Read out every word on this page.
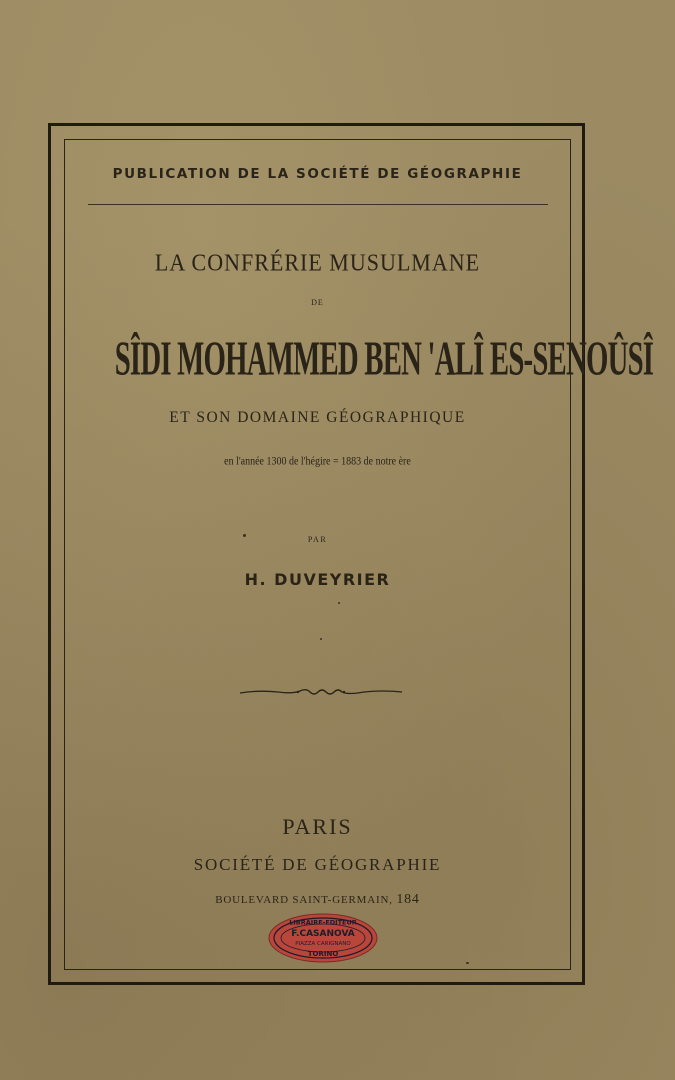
PUBLICATION DE LA SOCIÉTÉ DE GÉOGRAPHIE
LA CONFRÉRIE MUSULMANE
DE
SÎDI MOHAMMED BEN 'ALÎ ES-SENOÛSÎ
ET SON DOMAINE GÉOGRAPHIQUE
en l'année 1300 de l'hégire = 1883 de notre ère
PAR
H. DUVEYRIER
PARIS
SOCIÉTÉ DE GÉOGRAPHIE
BOULEVARD SAINT-GERMAIN, 184
LIBRAIRE-EDITEUR
F.CASANOVA
PIAZZA CARIGNANO
TORINO
